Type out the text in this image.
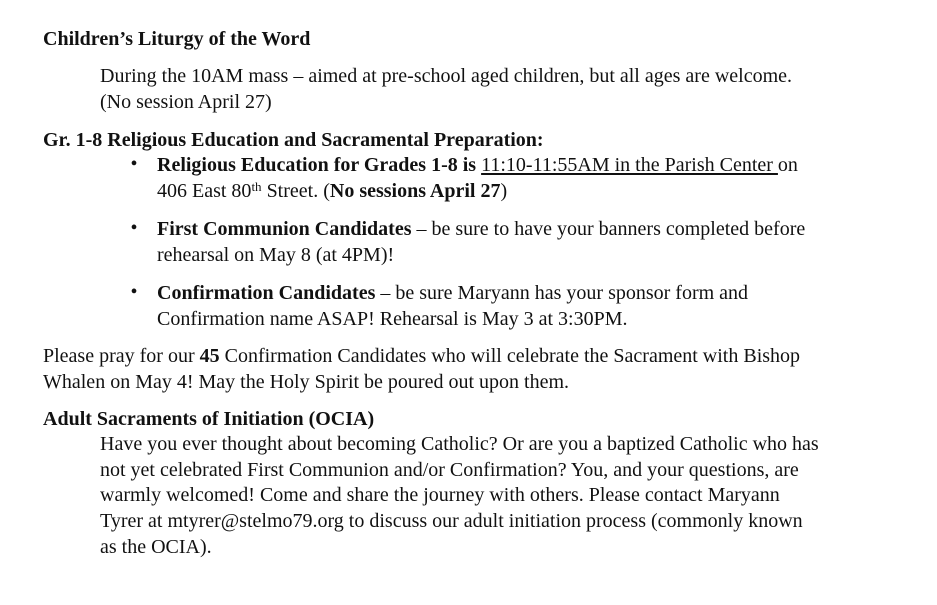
Children’s Liturgy of the Word
During the 10AM mass – aimed at pre-school aged children, but all ages are welcome.
(No session April 27)
Gr. 1-8 Religious Education and Sacramental Preparation:
• Religious Education for Grades 1-8 is 11:10-11:55AM in the Parish Center on
406 East 80th Street. (No sessions April 27)
• First Communion Candidates – be sure to have your banners completed before
rehearsal on May 8 (at 4PM)!
• Confirmation Candidates – be sure Maryann has your sponsor form and
Confirmation name ASAP! Rehearsal is May 3 at 3:30PM.
Please pray for our 45 Confirmation Candidates who will celebrate the Sacrament with Bishop
Whalen on May 4! May the Holy Spirit be poured out upon them.
Adult Sacraments of Initiation (OCIA)
Have you ever thought about becoming Catholic? Or are you a baptized Catholic who has
not yet celebrated First Communion and/or Confirmation? You, and your questions, are
warmly welcomed! Come and share the journey with others. Please contact Maryann
Tyrer at mtyrer@stelmo79.org to discuss our adult initiation process (commonly known
as the OCIA).
